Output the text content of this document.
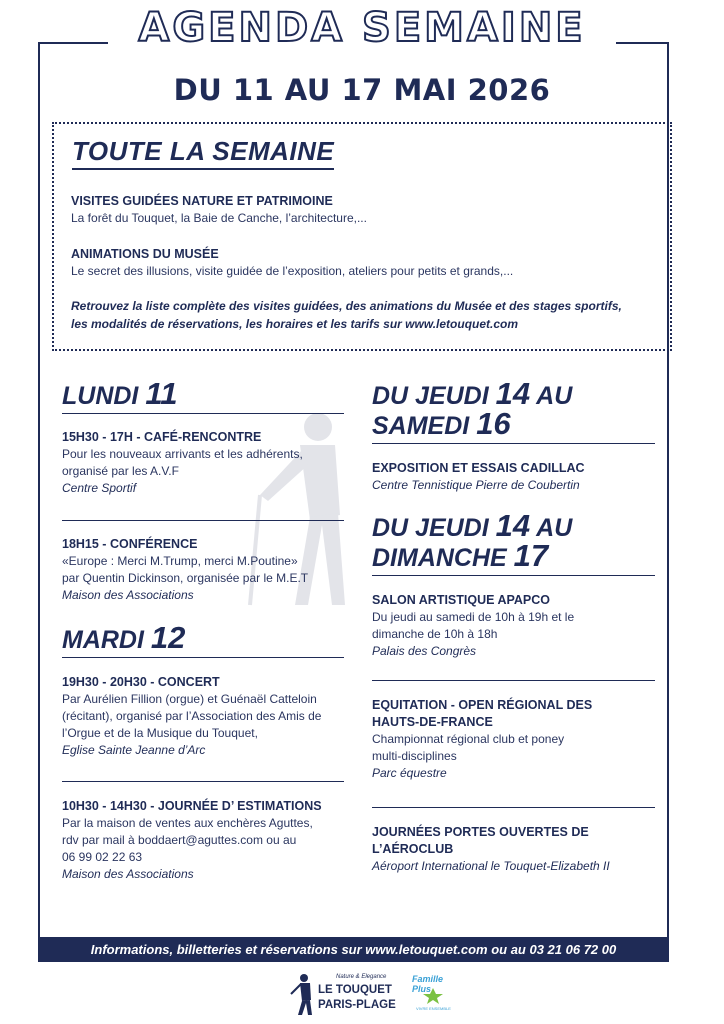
AGENDA SEMAINE
DU 11 AU 17 MAI 2026
TOUTE LA SEMAINE
VISITES GUIDÉES NATURE ET PATRIMOINE
La forêt du Touquet, la Baie de Canche, l’architecture,...
ANIMATIONS DU MUSÉE
Le secret des illusions, visite guidée de l’exposition, ateliers pour petits et grands,...
Retrouvez la liste complète des visites guidées, des animations du Musée et des stages sportifs,
les modalités de réservations, les horaires et les tarifs sur www.letouquet.com
LUNDI 11
15H30 - 17H - CAFÉ-RENCONTRE
Pour les nouveaux arrivants et les adhérents,
organisé par les A.V.F
Centre Sportif
18H15 - CONFÉRENCE
«Europe : Merci M.Trump, merci M.Poutine»
par Quentin Dickinson, organisée par le M.E.T
Maison des Associations
MARDI 12
19H30 - 20H30 - CONCERT
Par Aurélien Fillion (orgue) et Guénaël Catteloin
(récitant), organisé par l’Association des Amis de
l’Orgue et de la Musique du Touquet,
Eglise Sainte Jeanne d’Arc
10H30 - 14H30 - JOURNÉE D’ ESTIMATIONS
Par la maison de ventes aux enchères Aguttes,
rdv par mail à boddaert@aguttes.com ou au
06 99 02 22 63
Maison des Associations
DU JEUDI 14 AU
SAMEDI 16
EXPOSITION ET ESSAIS CADILLAC
Centre Tennistique Pierre de Coubertin
DU JEUDI 14 AU
DIMANCHE 17
SALON ARTISTIQUE APAPCO
Du jeudi au samedi de 10h à 19h et le
dimanche de 10h à 18h
Palais des Congrès
EQUITATION - OPEN RÉGIONAL DES
HAUTS-DE-FRANCE
Championnat régional club et poney
multi-disciplines
Parc équestre
JOURNÉES PORTES OUVERTES DE
L’AÉROCLUB
Aéroport International le Touquet-Elizabeth II
Informations, billetteries et réservations sur www.letouquet.com ou au 03 21 06 72 00
Nature & Elegance
LE TOUQUET
PARIS-PLAGE
Famille Plus
VIVRE ENSEMBLE
